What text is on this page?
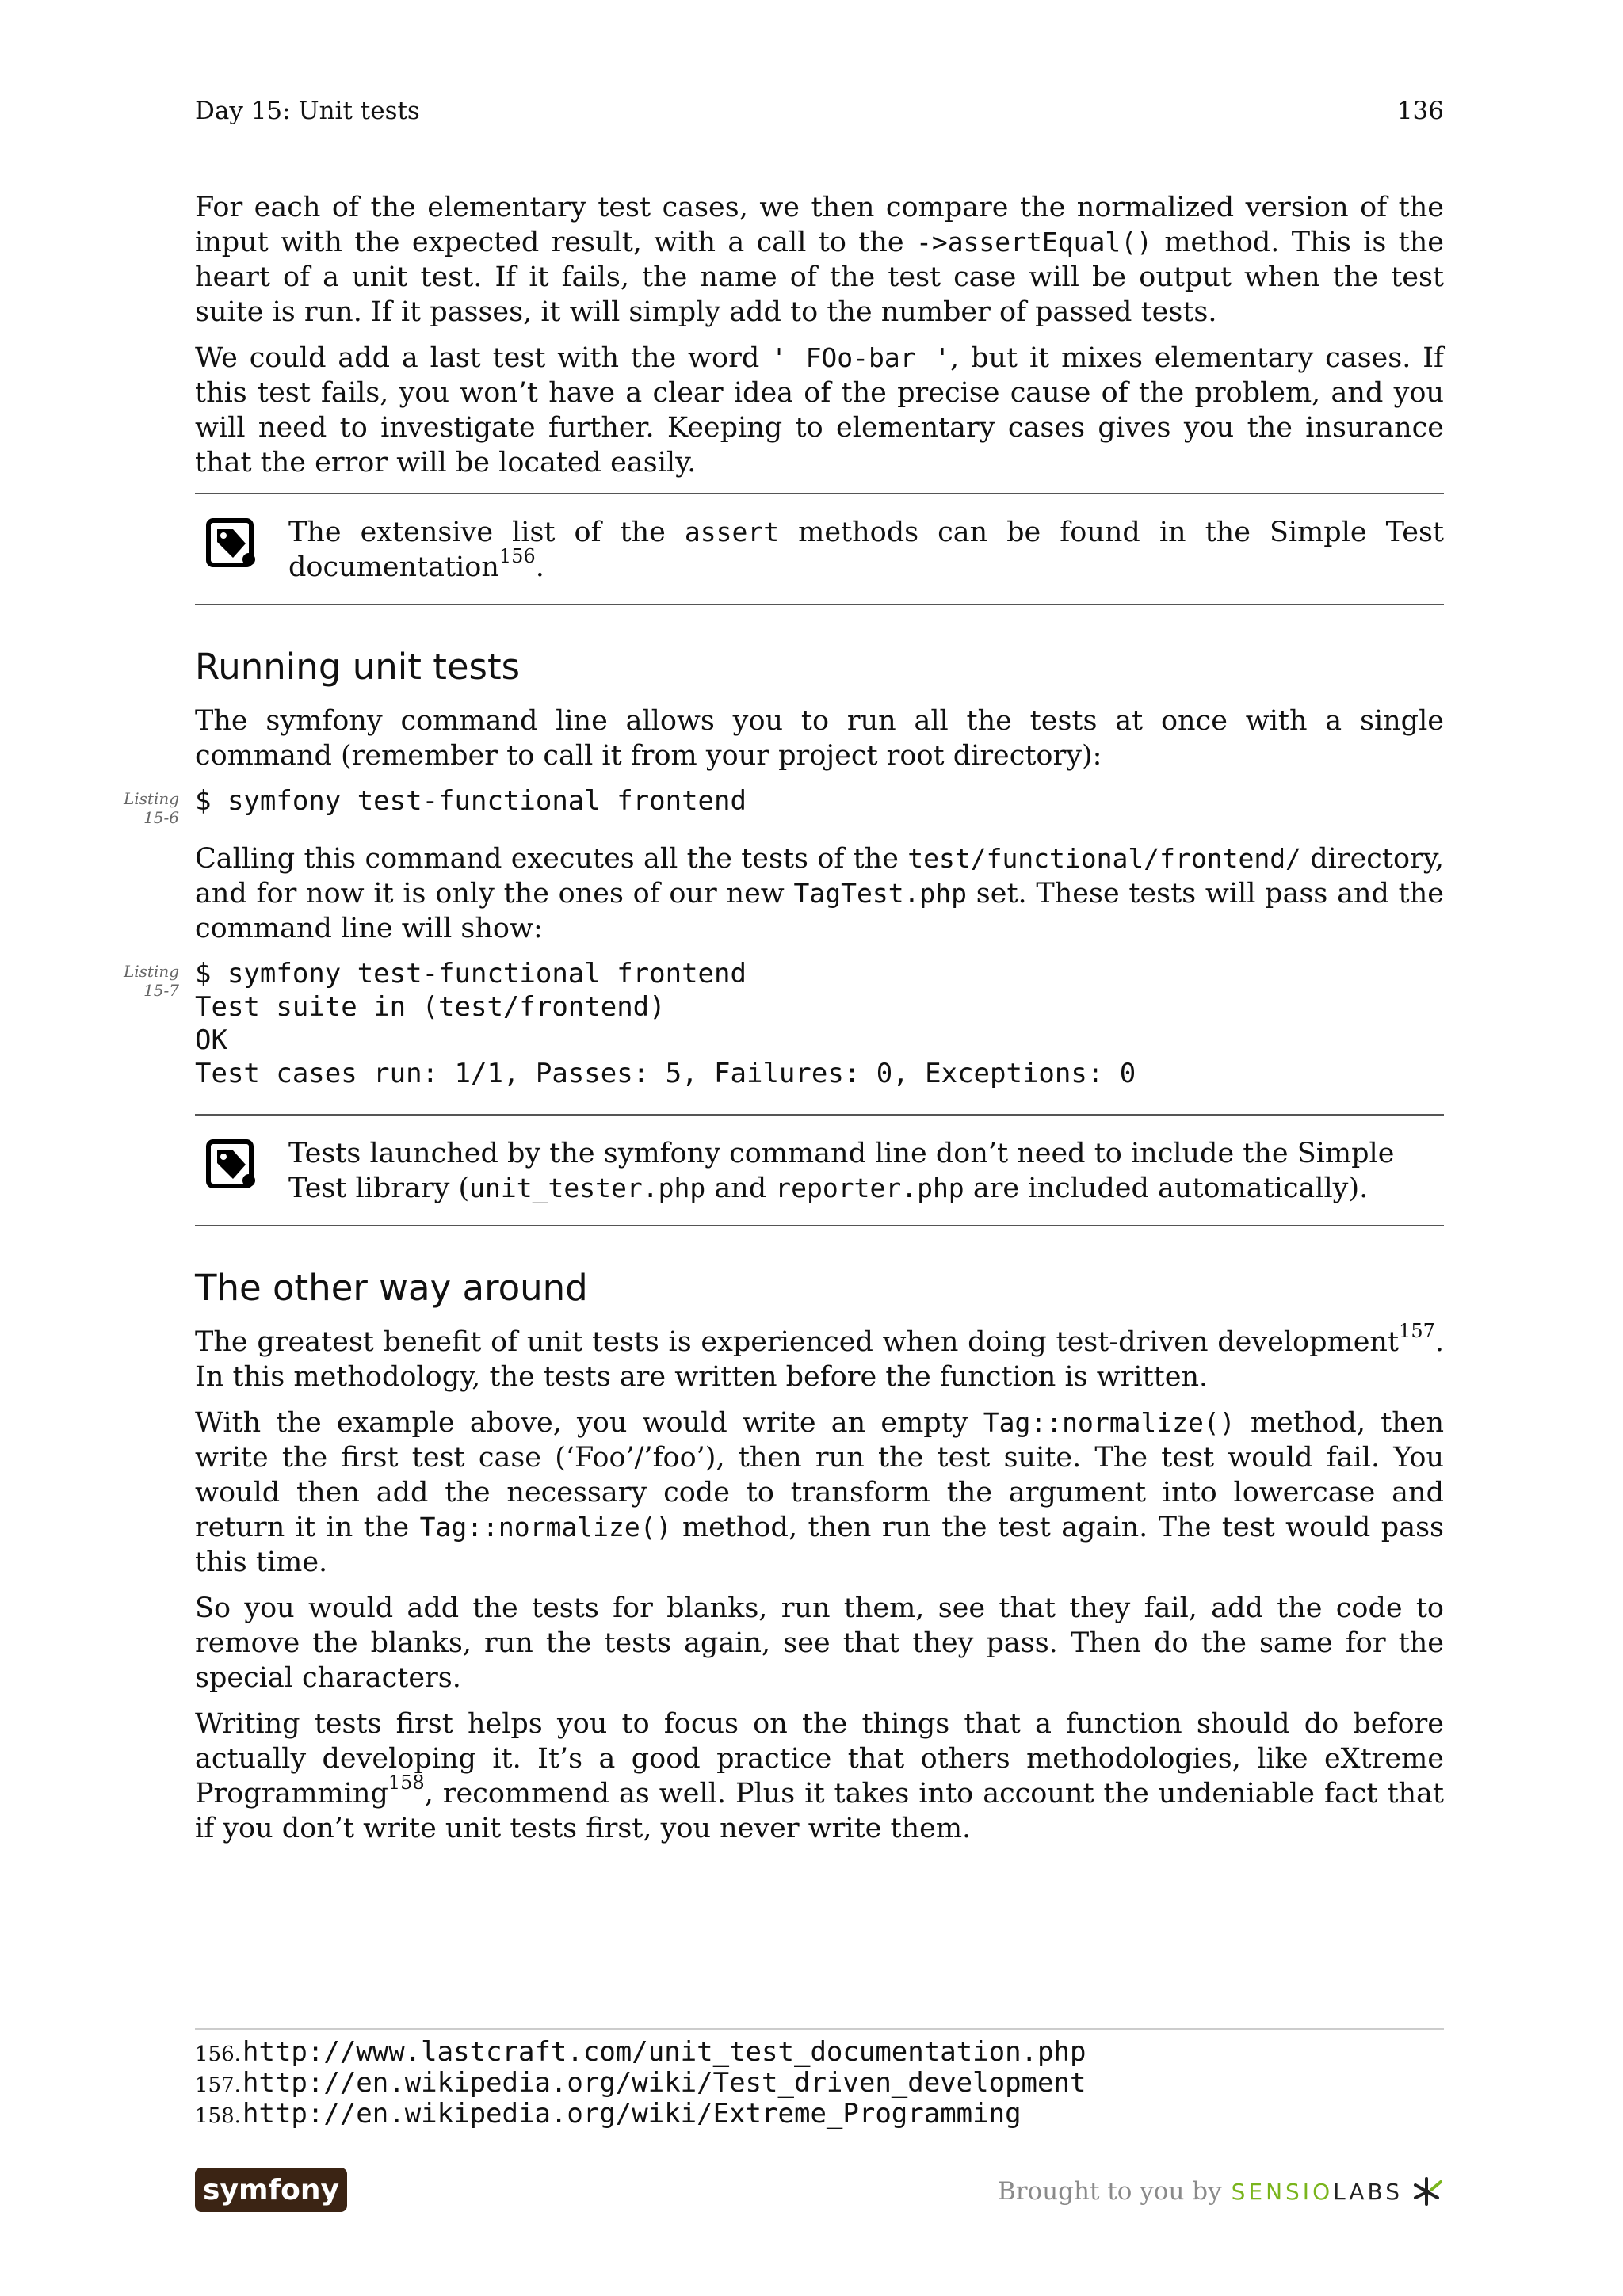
Day 15: Unit tests	136

For each of the elementary test cases, we then compare the normalized version of the input with the expected result, with a call to the ->assertEqual() method. This is the heart of a unit test. If it fails, the name of the test case will be output when the test suite is run. If it passes, it will simply add to the number of passed tests.

We could add a last test with the word ' FOo-bar ', but it mixes elementary cases. If this test fails, you won’t have a clear idea of the precise cause of the problem, and you will need to investigate further. Keeping to elementary cases gives you the insurance that the error will be located easily.

The extensive list of the assert methods can be found in the Simple Test documentation$^{156}$.

Running unit tests

The symfony command line allows you to run all the tests at once with a single command (remember to call it from your project root directory):

Listing
15-6
$ symfony test-functional frontend

Calling this command executes all the tests of the test/functional/frontend/ directory, and for now it is only the ones of our new TagTest.php set. These tests will pass and the command line will show:

Listing
15-7
$ symfony test-functional frontend
Test suite in (test/frontend)
OK
Test cases run: 1/1, Passes: 5, Failures: 0, Exceptions: 0

Tests launched by the symfony command line don’t need to include the Simple Test library (unit_tester.php and reporter.php are included automatically).

The other way around

The greatest benefit of unit tests is experienced when doing test-driven development$^{157}$. In this methodology, the tests are written before the function is written.

With the example above, you would write an empty Tag::normalize() method, then write the first test case (‘Foo’/’foo’), then run the test suite. The test would fail. You would then add the necessary code to transform the argument into lowercase and return it in the Tag::normalize() method, then run the test again. The test would pass this time.

So you would add the tests for blanks, run them, see that they fail, add the code to remove the blanks, run the tests again, see that they pass. Then do the same for the special characters.

Writing tests first helps you to focus on the things that a function should do before actually developing it. It’s a good practice that others methodologies, like eXtreme Programming$^{158}$, recommend as well. Plus it takes into account the undeniable fact that if you don’t write unit tests first, you never write them.

156.http://www.lastcraft.com/unit_test_documentation.php
157.http://en.wikipedia.org/wiki/Test_driven_development
158.http://en.wikipedia.org/wiki/Extreme_Programming
symfony	Brought to you by SENSIOLABS
